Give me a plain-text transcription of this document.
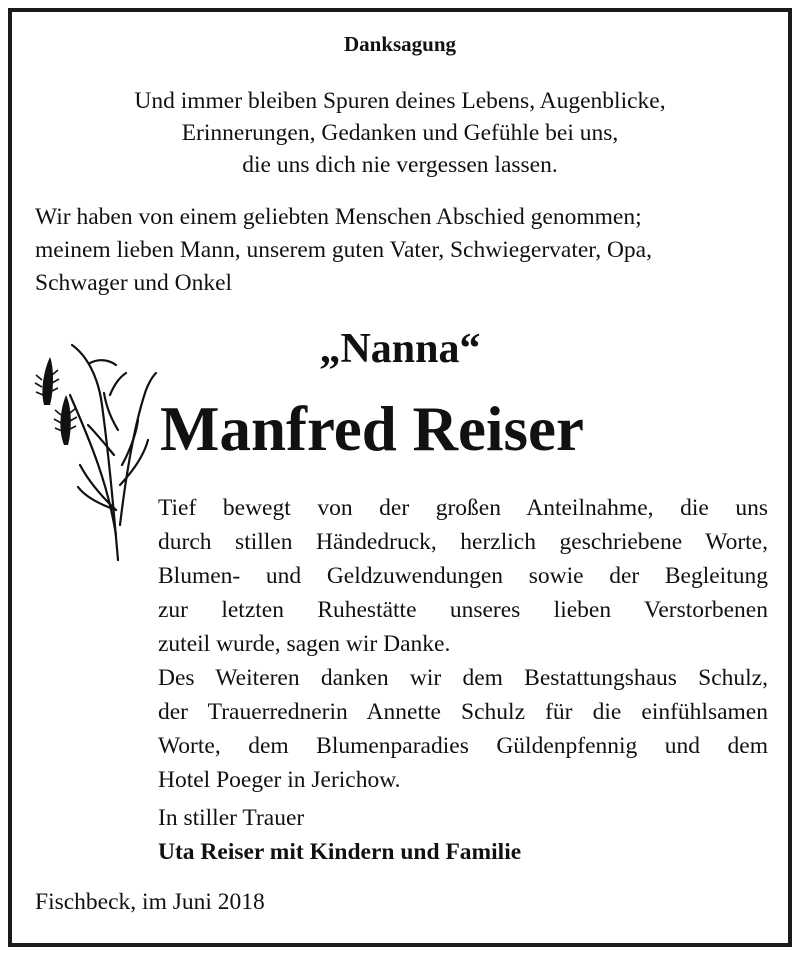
Danksagung
Und immer bleiben Spuren deines Lebens, Augenblicke,
Erinnerungen, Gedanken und Gefühle bei uns,
die uns dich nie vergessen lassen.
Wir haben von einem geliebten Menschen Abschied genommen;
meinem lieben Mann, unserem guten Vater, Schwiegervater, Opa,
Schwager und Onkel
„Nanna“
Manfred Reiser
Tief bewegt von der großen Anteilnahme, die uns
durch stillen Händedruck, herzlich geschriebene Worte,
Blumen- und Geldzuwendungen sowie der Begleitung
zur letzten Ruhestätte unseres lieben Verstorbenen
zuteil wurde, sagen wir Danke.
Des Weiteren danken wir dem Bestattungshaus Schulz,
der Trauerrednerin Annette Schulz für die einfühlsamen
Worte, dem Blumenparadies Güldenpfennig und dem
Hotel Poeger in Jerichow.
In stiller Trauer
Uta Reiser mit Kindern und Familie
Fischbeck, im Juni 2018
